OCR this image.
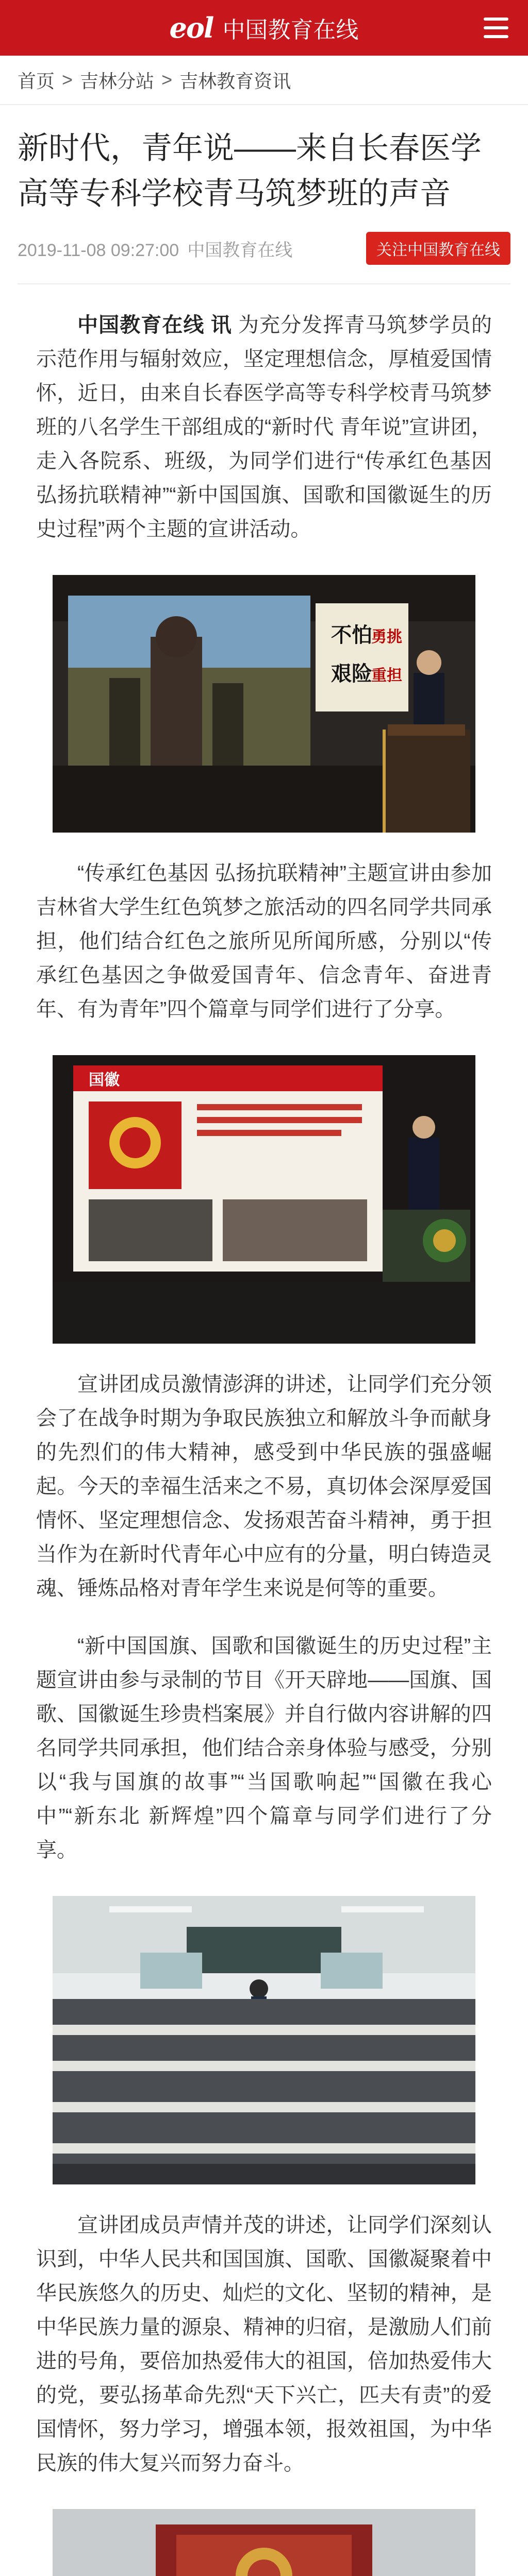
eol 中国教育在线
首页 > 吉林分站 > 吉林教育资讯
新时代，青年说——来自长春医学高等专科学校青马筑梦班的声音
2019-11-08 09:27:00 中国教育在线	关注中国教育在线

中国教育在线 讯 为充分发挥青马筑梦学员的示范作用与辐射效应，坚定理想信念，厚植爱国情怀，近日，由来自长春医学高等专科学校青马筑梦班的八名学生干部组成的“新时代 青年说”宣讲团，走入各院系、班级，为同学们进行“传承红色基因 弘扬抗联精神”“新中国国旗、国歌和国徽诞生的历史过程”两个主题的宣讲活动。

不怕
勇挑
艰险
重担

“传承红色基因 弘扬抗联精神”主题宣讲由参加吉林省大学生红色筑梦之旅活动的四名同学共同承担，他们结合红色之旅所见所闻所感，分别以“传承红色基因之争做爱国青年、信念青年、奋进青年、有为青年”四个篇章与同学们进行了分享。

国徽

宣讲团成员激情澎湃的讲述，让同学们充分领会了在战争时期为争取民族独立和解放斗争而献身的先烈们的伟大精神，感受到中华民族的强盛崛起。今天的幸福生活来之不易，真切体会深厚爱国情怀、坚定理想信念、发扬艰苦奋斗精神，勇于担当作为在新时代青年心中应有的分量，明白铸造灵魂、锤炼品格对青年学生来说是何等的重要。

“新中国国旗、国歌和国徽诞生的历史过程”主题宣讲由参与录制的节目《开天辟地——国旗、国歌、国徽诞生珍贵档案展》并自行做内容讲解的四名同学共同承担，他们结合亲身体验与感受，分别以“我与国旗的故事”“当国歌响起”“国徽在我心中”“新东北 新辉煌”四个篇章与同学们进行了分享。

宣讲团成员声情并茂的讲述，让同学们深刻认识到，中华人民共和国国旗、国歌、国徽凝聚着中华民族悠久的历史、灿烂的文化、坚韧的精神，是中华民族力量的源泉、精神的归宿，是激励人们前进的号角，要倍加热爱伟大的祖国，倍加热爱伟大的党，要弘扬革命先烈“天下兴亡，匹夫有责”的爱国情怀，努力学习，增强本领，报效祖国，为中华民族的伟大复兴而努力奋斗。
